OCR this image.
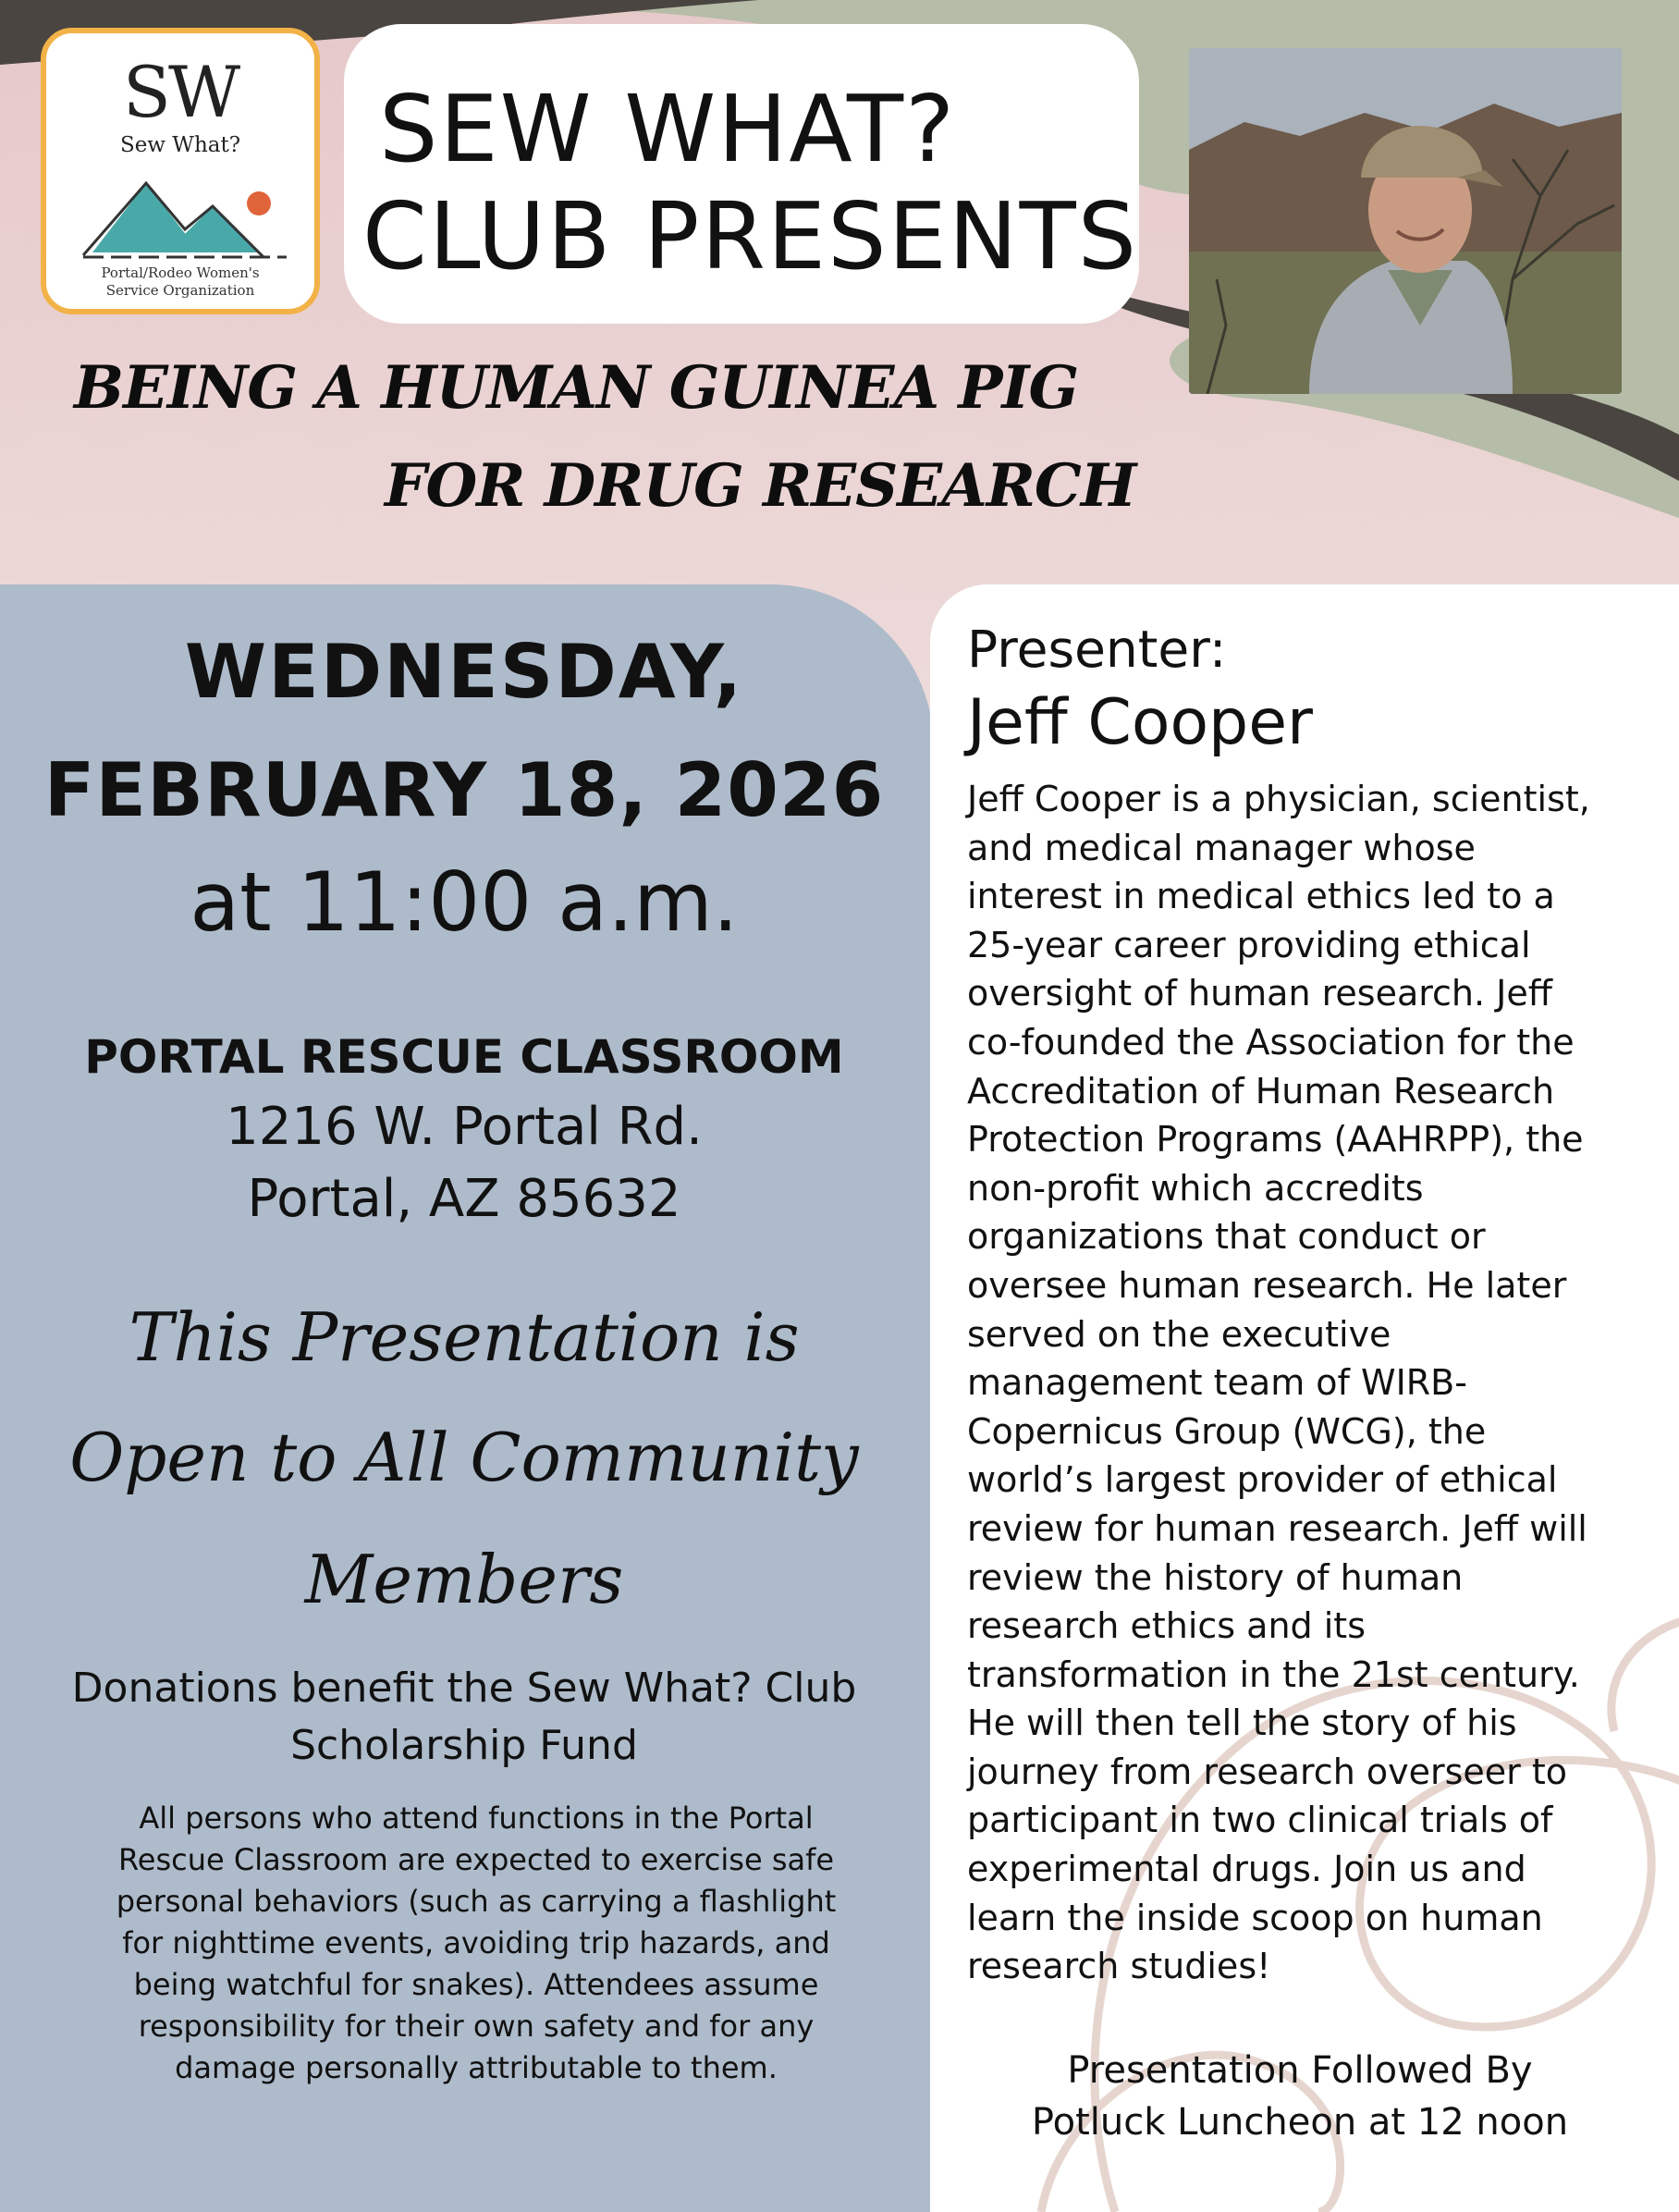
SW
Sew What?
Portal/Rodeo Women's Service Organization
SEW WHAT?
CLUB PRESENTS
BEING A HUMAN GUINEA PIG
FOR DRUG RESEARCH
WEDNESDAY,
FEBRUARY 18, 2026
at 11:00 a.m.
PORTAL RESCUE CLASSROOM
1216 W. Portal Rd.
Portal, AZ 85632
This Presentation is
Open to All Community
Members
Donations benefit the Sew What? Club
Scholarship Fund
All persons who attend functions in the Portal Rescue Classroom are expected to exercise safe personal behaviors (such as carrying a flashlight for nighttime events, avoiding trip hazards, and being watchful for snakes). Attendees assume responsibility for their own safety and for any damage personally attributable to them.
Presenter:
Jeff Cooper
Jeff Cooper is a physician, scientist,
and medical manager whose
interest in medical ethics led to a
25-year career providing ethical
oversight of human research. Jeff
co-founded the Association for the
Accreditation of Human Research
Protection Programs (AAHRPP), the
non-profit which accredits
organizations that conduct or
oversee human research. He later
served on the executive
management team of WIRB-
Copernicus Group (WCG), the
world’s largest provider of ethical
review for human research. Jeff will
review the history of human
research ethics and its
transformation in the 21st century.
He will then tell the story of his
journey from research overseer to
participant in two clinical trials of
experimental drugs. Join us and
learn the inside scoop on human
research studies!
Presentation Followed By
Potluck Luncheon at 12 noon
